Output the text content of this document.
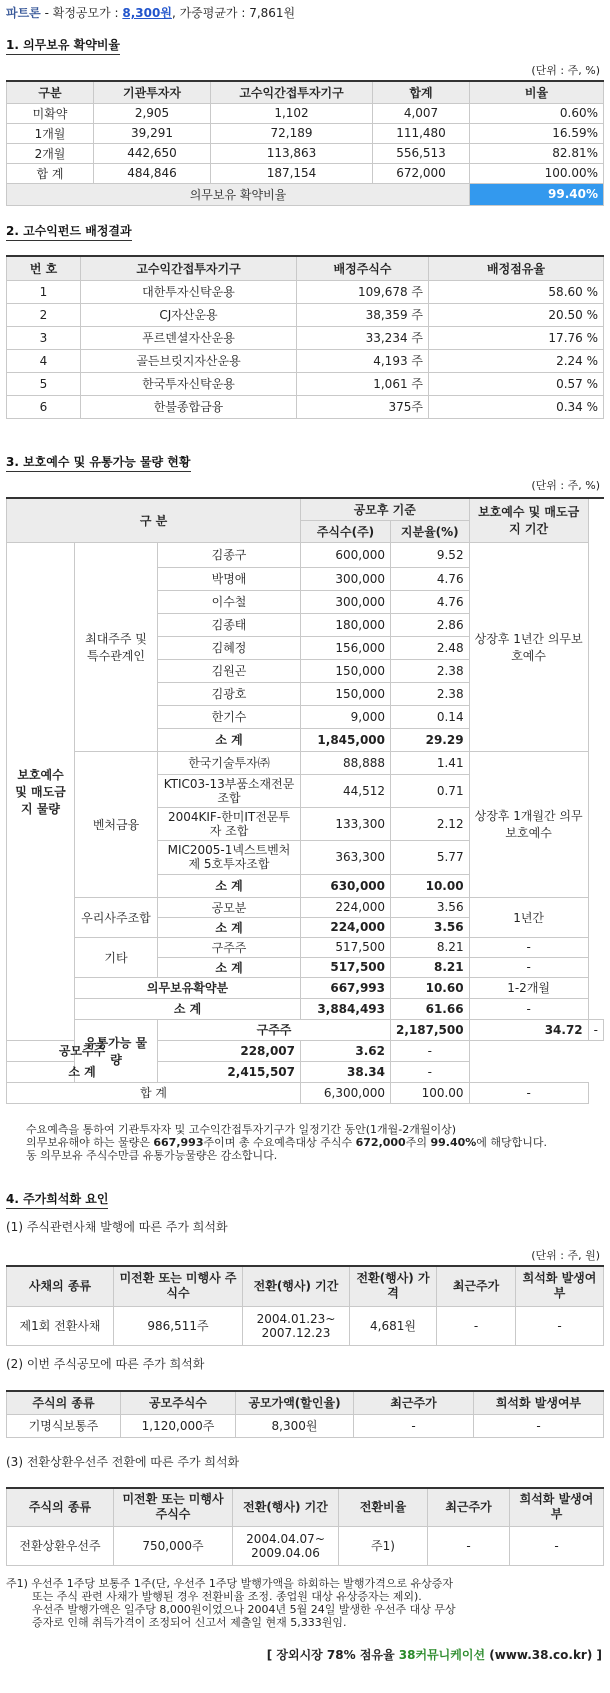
파트론 - 확정공모가 : 8,300원, 가중평균가 : 7,861원
1. 의무보유 확약비율
(단위 : 주, %)
구분	기관투자자	고수익간접투자기구	합계	비율
미확약	2,905	1,102	4,007	0.60%
1개월	39,291	72,189	111,480	16.59%
2개월	442,650	113,863	556,513	82.81%
합 계	484,846	187,154	672,000	100.00%
의무보유 확약비율				99.40%
2. 고수익펀드 배정결과
번 호	고수익간접투자기구	배정주식수	배정점유율
1	대한투자신탁운용	109,678 주	58.60 %
2	CJ자산운용	38,359 주	20.50 %
3	푸르덴셜자산운용	33,234 주	17.76 %
4	골든브릿지자산운용	4,193 주	2.24 %
5	한국투자신탁운용	1,061 주	0.57 %
6	한불종합금융	375주	0.34 %
3. 보호예수 및 유통가능 물량 현황
(단위 : 주, %)
구 분			공모후 기준		보호예수 및 매도금지 기간	
			주식수(주)	지분율(%)		
보호예수 및 매도금지 물량	최대주주 및 특수관계인	김종구	600,000	9.52	상장후 1년간 의무보호예수	
		박명애	300,000	4.76		
		이수철	300,000	4.76		
		김종태	180,000	2.86		
		김혜정	156,000	2.48		
		김원곤	150,000	2.38		
		김광호	150,000	2.38		
		한기수	9,000	0.14		
		소 계	1,845,000	29.29		
	벤처금융	한국기술투자㈜	88,888	1.41	상장후 1개월간 의무보호예수	
		KTIC03-13부품소재전문 조합	44,512	0.71		
		2004KIF-한미IT전문투자 조합	133,300	2.12		
		MIC2005-1넥스트벤처제 5호투자조합	363,300	5.77		
		소 계	630,000	10.00		
	우리사주조합	공모분	224,000	3.56	1년간	
		소 계	224,000	3.56		
	기타	구주주	517,500	8.21	-	
		소 계	517,500	8.21	-	
	의무보유확약분		667,993	10.60	1-2개월	
	소 계		3,884,493	61.66	-	
	유통가능 물량	구주주		2,187,500	34.72	-
공모주주		228,007	3.62	-		
소 계		2,415,507	38.34	-		
합 계			6,300,000	100.00	-	
수요예측을 통하여 기관투자자 및 고수익간접투자기구가 일정기간 동안(1개월-2개월이상)
의무보유해야 하는 물량은 667,993주이며 총 수요예측대상 주식수 672,000주의 99.40%에 해당합니다.
동 의무보유 주식수만큼 유통가능물량은 감소합니다.
4. 주가희석화 요인
(1) 주식관련사채 발행에 따른 주가 희석화
(단위 : 주, 원)
사채의 종류	미전환 또는 미행사 주식수	전환(행사) 기간	전환(행사) 가격	최근주가	희석화 발생여부
제1회 전환사채	986,511주	2004.01.23~ 2007.12.23	4,681원	-	-
(2) 이번 주식공모에 따른 주가 희석화
주식의 종류	공모주식수	공모가액(할인율)	최근주가	희석화 발생여부
기명식보통주	1,120,000주	8,300원	-	-
(3) 전환상환우선주 전환에 따른 주가 희석화
주식의 종류	미전환 또는 미행사 주식수	전환(행사) 기간	전환비율	최근주가	희석화 발생여부
전환상환우선주	750,000주	2004.04.07~ 2009.04.06	주1)	-	-
주1) 우선주 1주당 보통주 1주(단, 우선주 1주당 발행가액을 하회하는 발행가격으로 유상증자
또는 주식 관련 사채가 발행된 경우 전환비율 조정. 종업원 대상 유상증자는 제외).
우선주 발행가액은 일주당 8,000원이었으나 2004년 5월 24일 발생한 우선주 대상 무상
증자로 인해 취득가격이 조정되어 신고서 제출일 현재 5,333원임.
[ 장외시장 78% 점유율 38커뮤니케이션 (www.38.co.kr) ]
